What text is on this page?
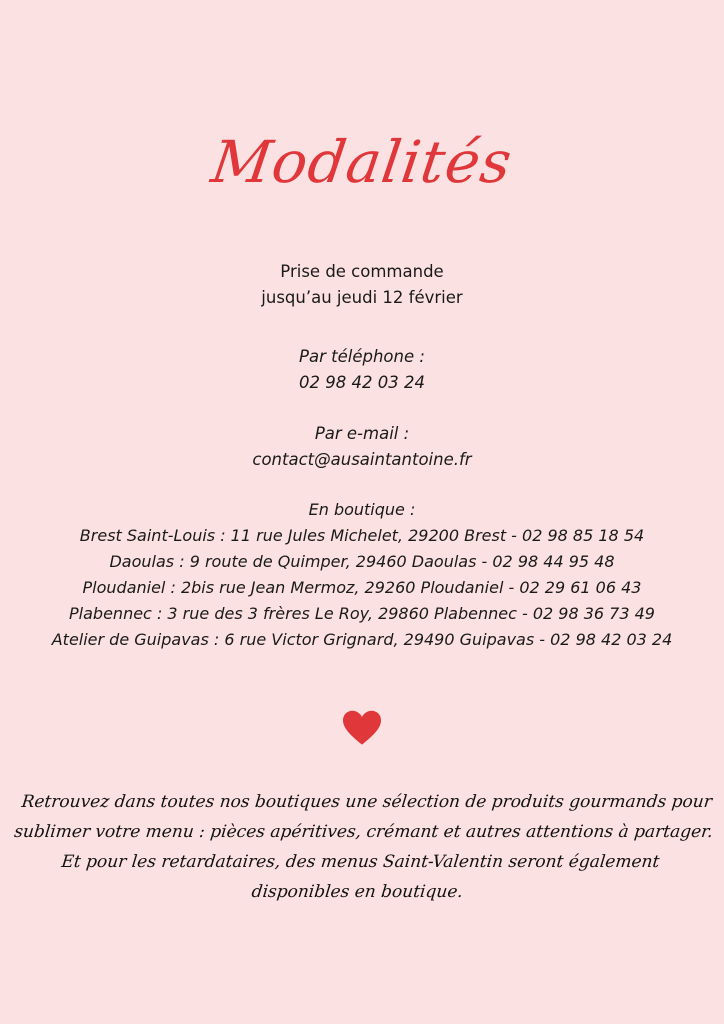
Modalités

Prise de commande

jusqu’au jeudi 12 février

Par téléphone :

02 98 42 03 24

Par e-mail :

contact@ausaintantoine.fr

En boutique :

Brest Saint-Louis : 11 rue Jules Michelet, 29200 Brest - 02 98 85 18 54

Daoulas : 9 route de Quimper, 29460 Daoulas - 02 98 44 95 48

Ploudaniel : 2bis rue Jean Mermoz, 29260 Ploudaniel - 02 29 61 06 43

Plabennec : 3 rue des 3 frères Le Roy, 29860 Plabennec - 02 98 36 73 49

Atelier de Guipavas : 6 rue Victor Grignard, 29490 Guipavas - 02 98 42 03 24

Retrouvez dans toutes nos boutiques une sélection de produits gourmands pour

sublimer votre menu : pièces apéritives, crémant et autres attentions à partager.

Et pour les retardataires, des menus Saint-Valentin seront également

disponibles en boutique.
